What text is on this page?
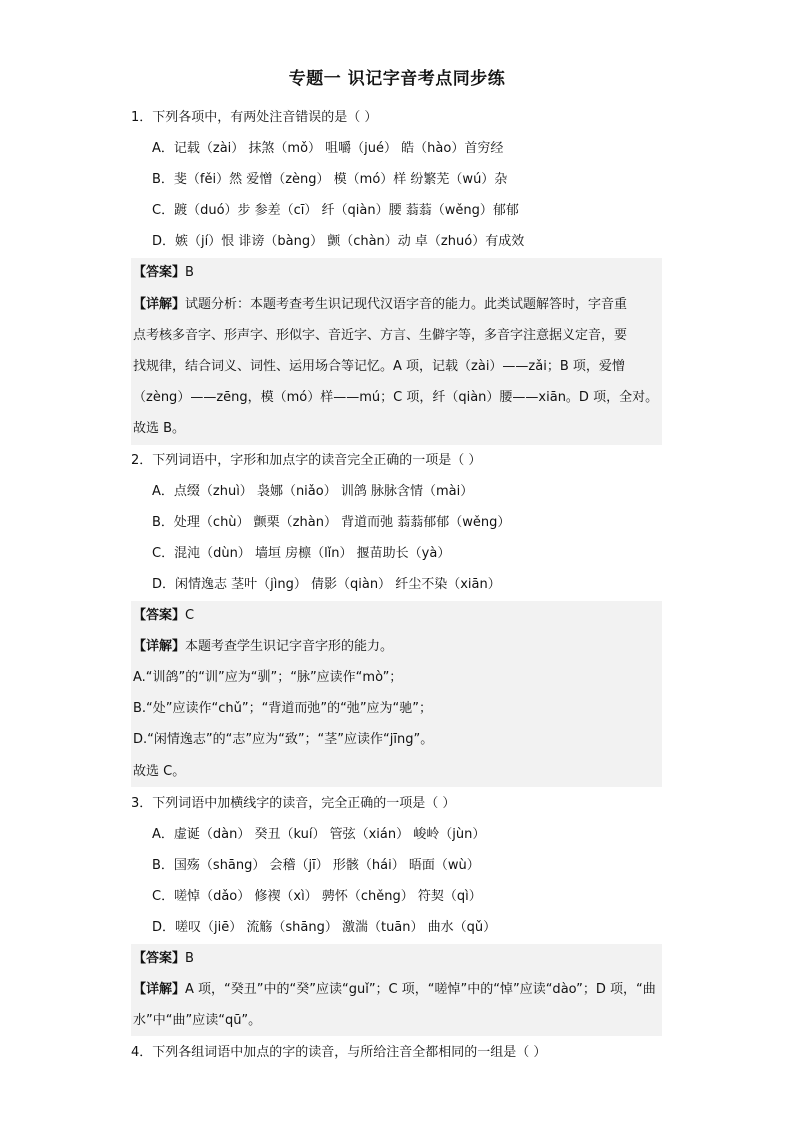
专题一 识记字音考点同步练
1．下列各项中，有两处注音错误的是（ ）
A．记载（zài） 抹煞（mǒ） 咀嚼（jué） 皓（hào）首穷经
B．斐（fěi）然 爱憎（zèng） 模（mó）样 纷繁芜（wú）杂
C．踱（duó）步 参差（cī） 纤（qiàn）腰 蓊蓊（wěng）郁郁
D．嫉（jí）恨 诽谤（bàng） 颤（chàn）动 卓（zhuó）有成效
【答案】B
【详解】试题分析：本题考查考生识记现代汉语字音的能力。此类试题解答时，字音重
点考核多音字、形声字、形似字、音近字、方言、生僻字等，多音字注意据义定音，要
找规律，结合词义、词性、运用场合等记忆。A 项，记载（zài）——zǎi；B 项，爱憎
（zèng）——zēng，模（mó）样——mú；C 项，纤（qiàn）腰——xiān。D 项，全对。
故选 B。
2．下列词语中，字形和加点字的读音完全正确的一项是（ ）
A．点缀（zhuì） 袅娜（niǎo） 训鸽 脉脉含情（mài）
B．处理（chù） 颤栗（zhàn） 背道而弛 蓊蓊郁郁（wěng）
C．混沌（dùn） 墙垣 房檩（lǐn） 揠苗助长（yà）
D．闲情逸志 茎叶（jìng） 倩影（qiàn） 纤尘不染（xiān）
【答案】C
【详解】本题考查学生识记字音字形的能力。
A.“训鸽”的“训”应为“驯”；“脉”应读作“mò”；
B.“处”应读作“chǔ”；“背道而弛”的“弛”应为“驰”；
D.“闲情逸志”的“志”应为“致”；“茎”应读作“jīng”。
故选 C。
3．下列词语中加横线字的读音，完全正确的一项是（ ）
A．虚诞（dàn） 癸丑（kuí） 管弦（xián） 峻岭（jùn）
B．国殇（shāng） 会稽（jī） 形骸（hái） 晤面（wù）
C．嗟悼（dǎo） 修禊（xì） 骋怀（chěng） 符契（qì）
D．嗟叹（jiē） 流觞（shāng） 激湍（tuān） 曲水（qǔ）
【答案】B
【详解】A 项，“癸丑”中的“癸”应读“guǐ”；C 项，“嗟悼”中的“悼”应读“dào”；D 项，“曲
水”中“曲”应读“qū”。
4．下列各组词语中加点的字的读音，与所给注音全都相同的一组是（ ）
